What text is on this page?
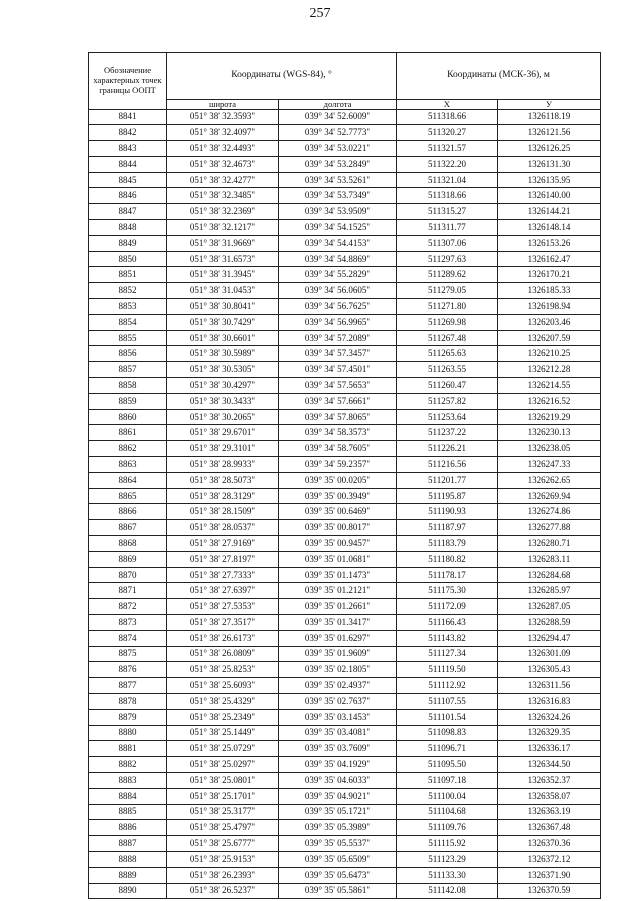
257
Обозначение характерных точек границы ООПТ	Координаты (WGS-84), °		Координаты (МСК-36), м	
	широта	долгота	X	У
8841	051° 38' 32.3593"	039° 34' 52.6009"	511318.66	1326118.19
8842	051° 38' 32.4097"	039° 34' 52.7773"	511320.27	1326121.56
8843	051° 38' 32.4493"	039° 34' 53.0221"	511321.57	1326126.25
8844	051° 38' 32.4673"	039° 34' 53.2849"	511322.20	1326131.30
8845	051° 38' 32.4277"	039° 34' 53.5261"	511321.04	1326135.95
8846	051° 38' 32.3485"	039° 34' 53.7349"	511318.66	1326140.00
8847	051° 38' 32.2369"	039° 34' 53.9509"	511315.27	1326144.21
8848	051° 38' 32.1217"	039° 34' 54.1525"	511311.77	1326148.14
8849	051° 38' 31.9669"	039° 34' 54.4153"	511307.06	1326153.26
8850	051° 38' 31.6573"	039° 34' 54.8869"	511297.63	1326162.47
8851	051° 38' 31.3945"	039° 34' 55.2829"	511289.62	1326170.21
8852	051° 38' 31.0453"	039° 34' 56.0605"	511279.05	1326185.33
8853	051° 38' 30.8041"	039° 34' 56.7625"	511271.80	1326198.94
8854	051° 38' 30.7429"	039° 34' 56.9965"	511269.98	1326203.46
8855	051° 38' 30.6601"	039° 34' 57.2089"	511267.48	1326207.59
8856	051° 38' 30.5989"	039° 34' 57.3457"	511265.63	1326210.25
8857	051° 38' 30.5305"	039° 34' 57.4501"	511263.55	1326212.28
8858	051° 38' 30.4297"	039° 34' 57.5653"	511260.47	1326214.55
8859	051° 38' 30.3433"	039° 34' 57.6661"	511257.82	1326216.52
8860	051° 38' 30.2065"	039° 34' 57.8065"	511253.64	1326219.29
8861	051° 38' 29.6701"	039° 34' 58.3573"	511237.22	1326230.13
8862	051° 38' 29.3101"	039° 34' 58.7605"	511226.21	1326238.05
8863	051° 38' 28.9933"	039° 34' 59.2357"	511216.56	1326247.33
8864	051° 38' 28.5073"	039° 35' 00.0205"	511201.77	1326262.65
8865	051° 38' 28.3129"	039° 35' 00.3949"	511195.87	1326269.94
8866	051° 38' 28.1509"	039° 35' 00.6469"	511190.93	1326274.86
8867	051° 38' 28.0537"	039° 35' 00.8017"	511187.97	1326277.88
8868	051° 38' 27.9169"	039° 35' 00.9457"	511183.79	1326280.71
8869	051° 38' 27.8197"	039° 35' 01.0681"	511180.82	1326283.11
8870	051° 38' 27.7333"	039° 35' 01.1473"	511178.17	1326284.68
8871	051° 38' 27.6397"	039° 35' 01.2121"	511175.30	1326285.97
8872	051° 38' 27.5353"	039° 35' 01.2661"	511172.09	1326287.05
8873	051° 38' 27.3517"	039° 35' 01.3417"	511166.43	1326288.59
8874	051° 38' 26.6173"	039° 35' 01.6297"	511143.82	1326294.47
8875	051° 38' 26.0809"	039° 35' 01.9609"	511127.34	1326301.09
8876	051° 38' 25.8253"	039° 35' 02.1805"	511119.50	1326305.43
8877	051° 38' 25.6093"	039° 35' 02.4937"	511112.92	1326311.56
8878	051° 38' 25.4329"	039° 35' 02.7637"	511107.55	1326316.83
8879	051° 38' 25.2349"	039° 35' 03.1453"	511101.54	1326324.26
8880	051° 38' 25.1449"	039° 35' 03.4081"	511098.83	1326329.35
8881	051° 38' 25.0729"	039° 35' 03.7609"	511096.71	1326336.17
8882	051° 38' 25.0297"	039° 35' 04.1929"	511095.50	1326344.50
8883	051° 38' 25.0801"	039° 35' 04.6033"	511097.18	1326352.37
8884	051° 38' 25.1701"	039° 35' 04.9021"	511100.04	1326358.07
8885	051° 38' 25.3177"	039° 35' 05.1721"	511104.68	1326363.19
8886	051° 38' 25.4797"	039° 35' 05.3989"	511109.76	1326367.48
8887	051° 38' 25.6777"	039° 35' 05.5537"	511115.92	1326370.36
8888	051° 38' 25.9153"	039° 35' 05.6509"	511123.29	1326372.12
8889	051° 38' 26.2393"	039° 35' 05.6473"	511133.30	1326371.90
8890	051° 38' 26.5237"	039° 35' 05.5861"	511142.08	1326370.59
